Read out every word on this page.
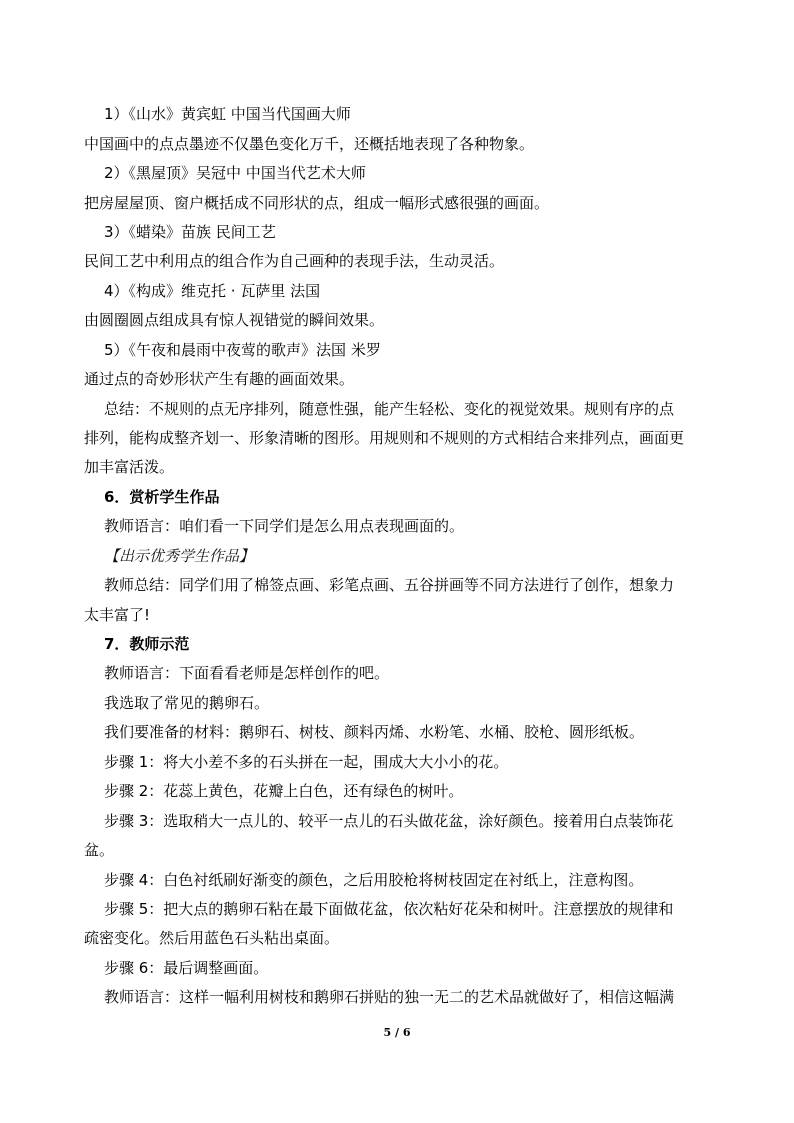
1）《山水》黄宾虹 中国当代国画大师
中国画中的点点墨迹不仅墨色变化万千，还概括地表现了各种物象。
2）《黑屋顶》吴冠中 中国当代艺术大师
把房屋屋顶、窗户概括成不同形状的点，组成一幅形式感很强的画面。
3）《蜡染》苗族 民间工艺
民间工艺中利用点的组合作为自己画种的表现手法，生动灵活。
4）《构成》维克托 · 瓦萨里 法国
由圆圈圆点组成具有惊人视错觉的瞬间效果。
5）《午夜和晨雨中夜莺的歌声》法国 米罗
通过点的奇妙形状产生有趣的画面效果。
总结：不规则的点无序排列，随意性强，能产生轻松、变化的视觉效果。规则有序的点
排列，能构成整齐划一、形象清晰的图形。用规则和不规则的方式相结合来排列点，画面更
加丰富活泼。
6．赏析学生作品
教师语言：咱们看一下同学们是怎么用点表现画面的。
【出示优秀学生作品】
教师总结：同学们用了棉签点画、彩笔点画、五谷拼画等不同方法进行了创作，想象力
太丰富了!
7．教师示范
教师语言：下面看看老师是怎样创作的吧。
我选取了常见的鹅卵石。
我们要准备的材料：鹅卵石、树枝、颜料丙烯、水粉笔、水桶、胶枪、圆形纸板。
步骤 1：将大小差不多的石头拼在一起，围成大大小小的花。
步骤 2：花蕊上黄色，花瓣上白色，还有绿色的树叶。
步骤 3：选取稍大一点儿的、较平一点儿的石头做花盆，涂好颜色。接着用白点装饰花
盆。
步骤 4：白色衬纸刷好渐变的颜色，之后用胶枪将树枝固定在衬纸上，注意构图。
步骤 5：把大点的鹅卵石粘在最下面做花盆，依次粘好花朵和树叶。注意摆放的规律和
疏密变化。然后用蓝色石头粘出桌面。
步骤 6：最后调整画面。
教师语言：这样一幅利用树枝和鹅卵石拼贴的独一无二的艺术品就做好了，相信这幅满
5 / 6
